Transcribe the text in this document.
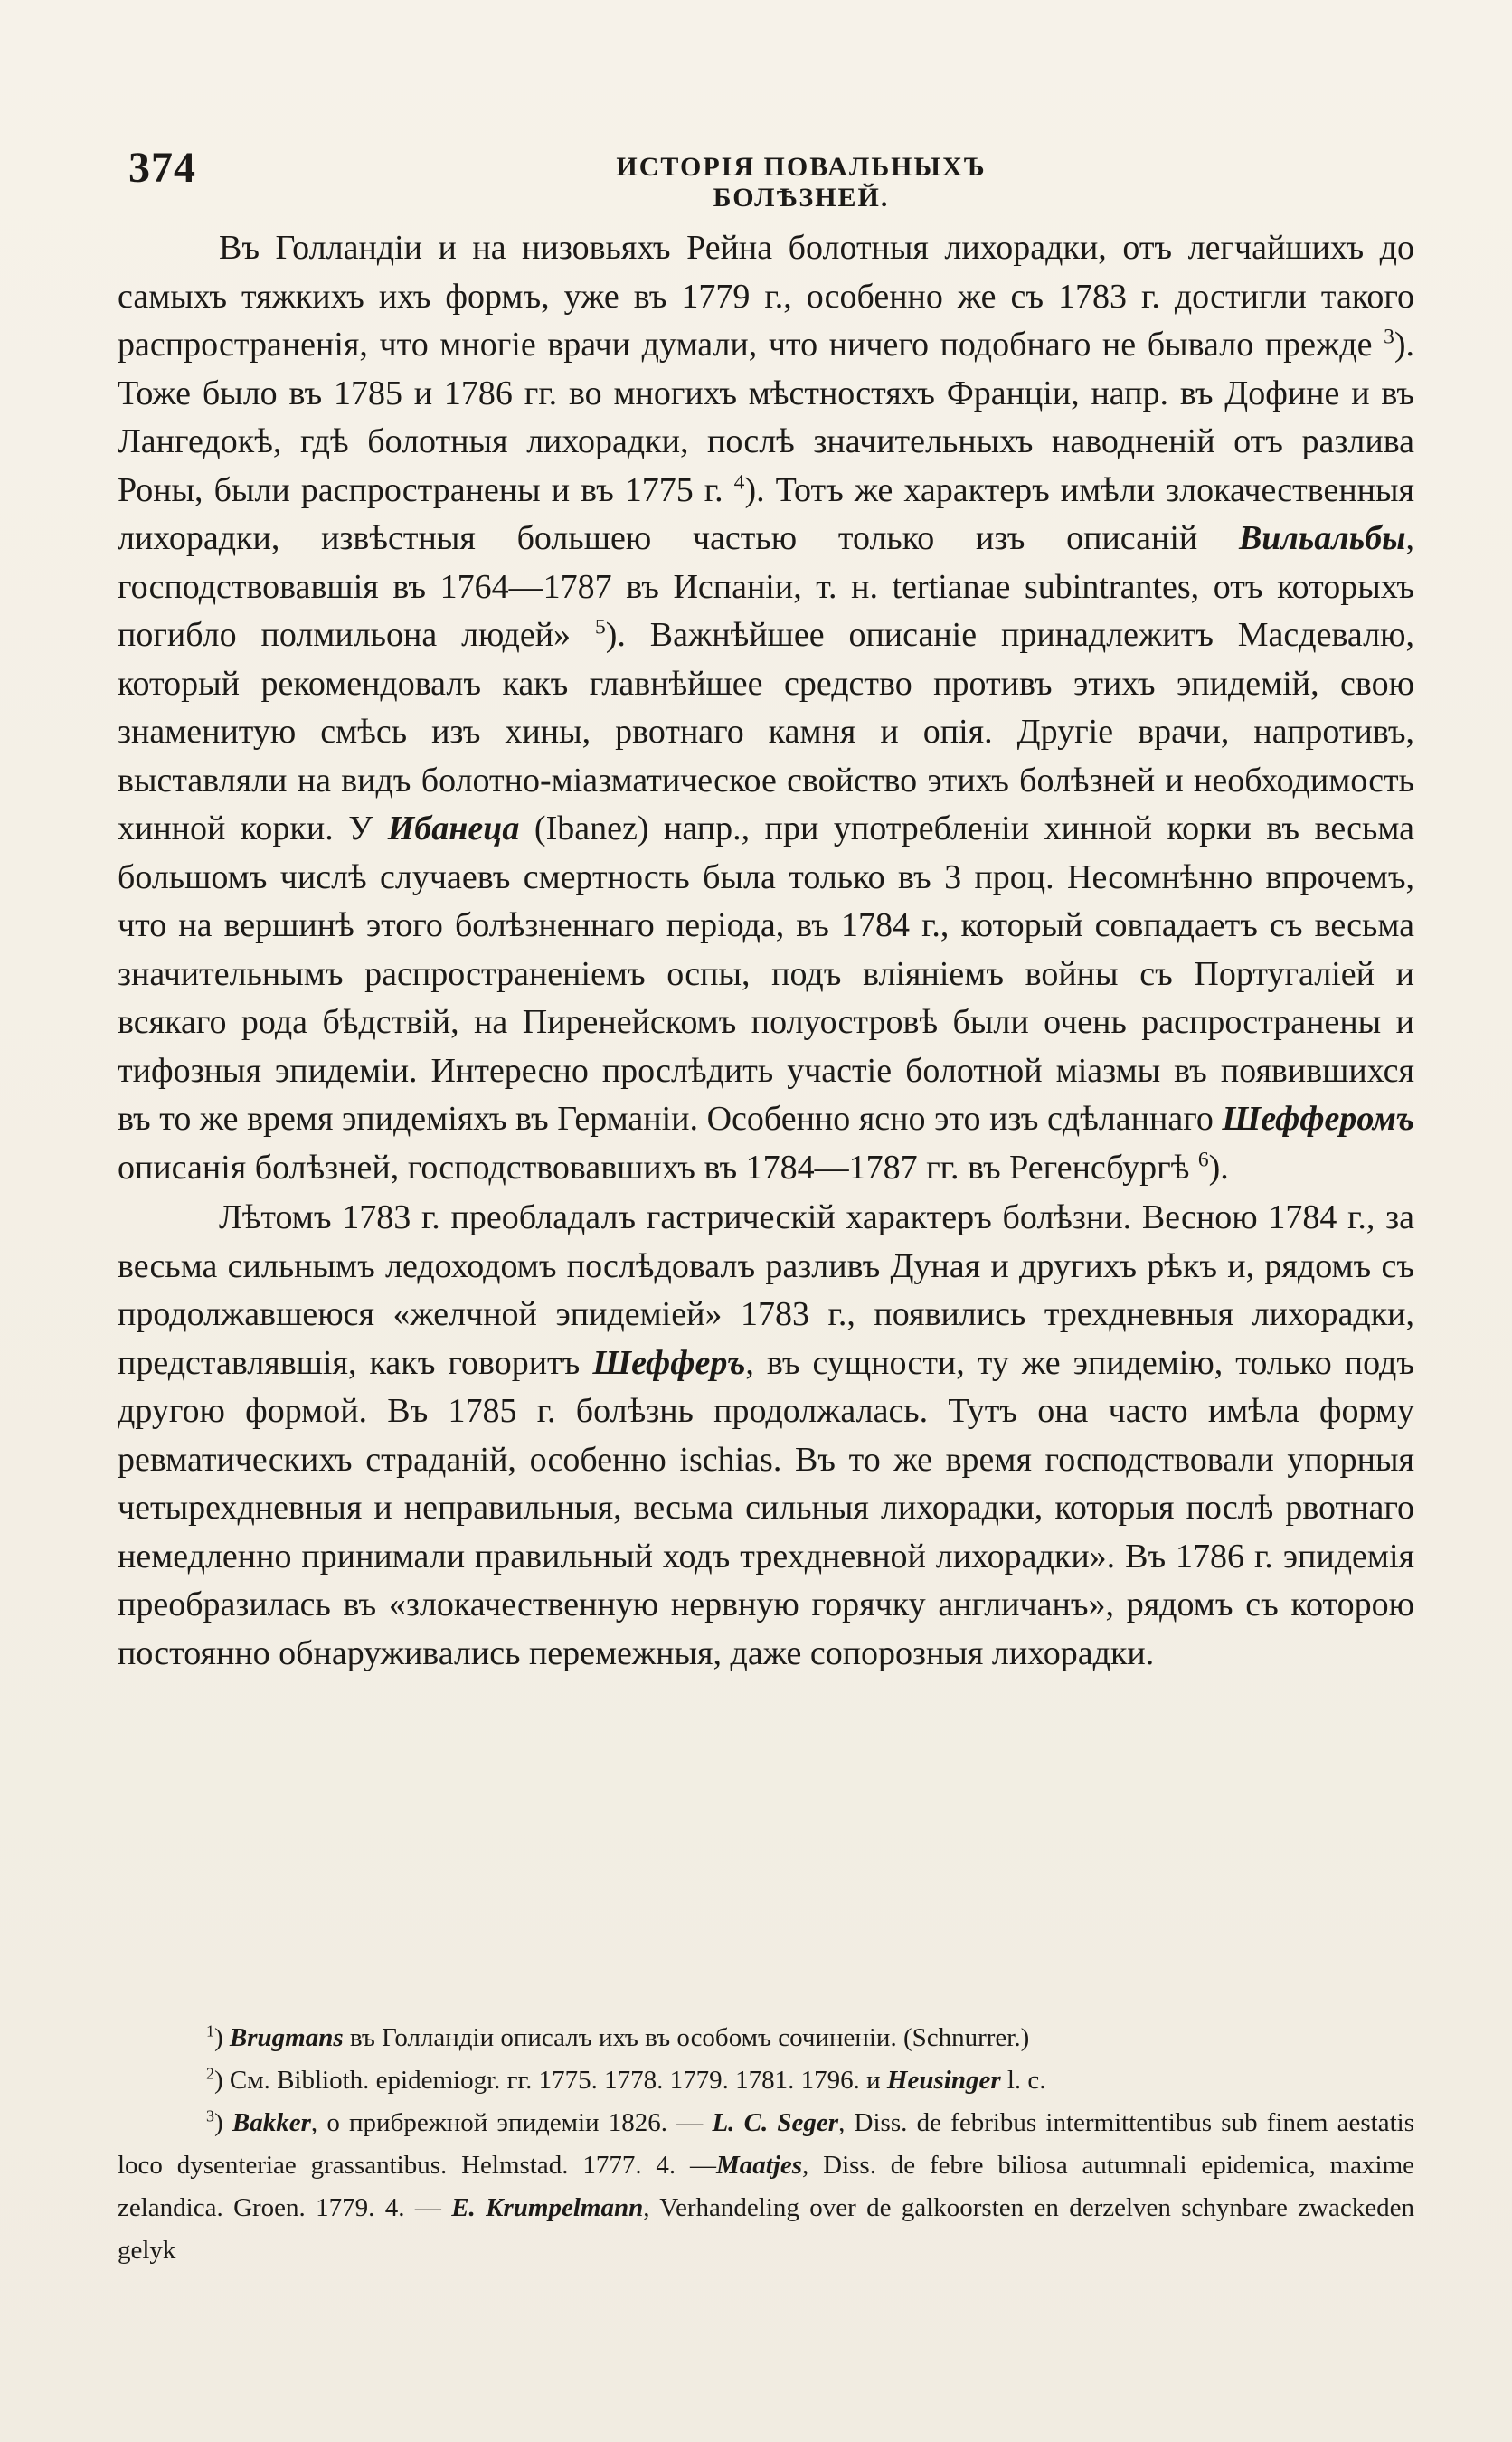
374	ИСТОРІЯ ПОВАЛЬНЫХЪ БОЛѢЗНЕЙ.

Въ Голландіи и на низовьяхъ Рейна болотныя лихорадки, отъ легчайшихъ до самыхъ тяжкихъ ихъ формъ, уже въ 1779 г., особенно же съ 1783 г. достигли такого распространенія, что многіе врачи думали, что ничего подобнаго не бывало прежде $^3$). Тоже было въ 1785 и 1786 гг. во многихъ мѣстностяхъ Франціи, напр. въ Дофине и въ Лангедокѣ, гдѣ болотныя лихорадки, послѣ значительныхъ наводненій отъ разлива Роны, были распространены и въ 1775 г. $^4$). Тотъ же характеръ имѣли злокачественныя лихорадки, извѣстныя большею частью только изъ описаній Вильальбы, господствовавшія въ 1764—1787 въ Испаніи, т. н. tertianae subintrantes, отъ которыхъ погибло полмильона людей» $^5$). Важнѣйшее описаніе принадлежитъ Масдевалю, который рекомендовалъ какъ главнѣйшее средство противъ этихъ эпидемій, свою знаменитую смѣсь изъ хины, рвотнаго камня и опія. Другіе врачи, напротивъ, выставляли на видъ болотно-міазматическое свойство этихъ болѣзней и необходимость хинной корки. У Ибанеца (Ibanez) напр., при употребленіи хинной корки въ весьма большомъ числѣ случаевъ смертность была только въ 3 проц. Несомнѣнно впрочемъ, что на вершинѣ этого болѣзненнаго періода, въ 1784 г., который совпадаетъ съ весьма значительнымъ распространеніемъ оспы, подъ вліяніемъ войны съ Португаліей и всякаго рода бѣдствій, на Пиренейскомъ полуостровѣ были очень распространены и тифозныя эпидеміи. Интересно прослѣдить участіе болотной міазмы въ появившихся въ то же время эпидеміяхъ въ Германіи. Особенно ясно это изъ сдѣланнаго Шефферомъ описанія болѣзней, господствовавшихъ въ 1784—1787 гг. въ Регенсбургѣ $^6$).

Лѣтомъ 1783 г. преобладалъ гастрическій характеръ болѣзни. Весною 1784 г., за весьма сильнымъ ледоходомъ послѣдовалъ разливъ Дуная и другихъ рѣкъ и, рядомъ съ продолжавшеюся «желчной эпидеміей» 1783 г., появились трехдневныя лихорадки, представлявшія, какъ говоритъ Шефферъ, въ сущности, ту же эпидемію, только подъ другою формой. Въ 1785 г. болѣзнь продолжалась. Тутъ она часто имѣла форму ревматическихъ страданій, особенно ischias. Въ то же время господствовали упорныя четырехдневныя и неправильныя, весьма сильныя лихорадки, которыя послѣ рвотнаго немедленно принимали правильный ходъ трехдневной лихорадки». Въ 1786 г. эпидемія преобразилась въ «злокачественную нервную горячку англичанъ», рядомъ съ которою постоянно обнаруживались перемежныя, даже сопорозныя лихорадки.

$^1$) Brugmans въ Голландіи описалъ ихъ въ особомъ сочиненіи. (Schnurrer.)

$^2$) См. Biblioth. epidemiogr. гг. 1775. 1778. 1779. 1781. 1796. и Heusinger l. c.

$^3$) Bakker, о прибрежной эпидеміи 1826. — L. C. Seger, Diss. de febribus intermittentibus sub finem aestatis loco dysenteriae grassantibus. Helmstad. 1777. 4. —Maatjes, Diss. de febre biliosa autumnali epidemica, maxime zelandica. Groen. 1779. 4. — E. Krumpelmann, Verhandeling over de galkoorsten en derzelven schynbare zwackeden gelyk
